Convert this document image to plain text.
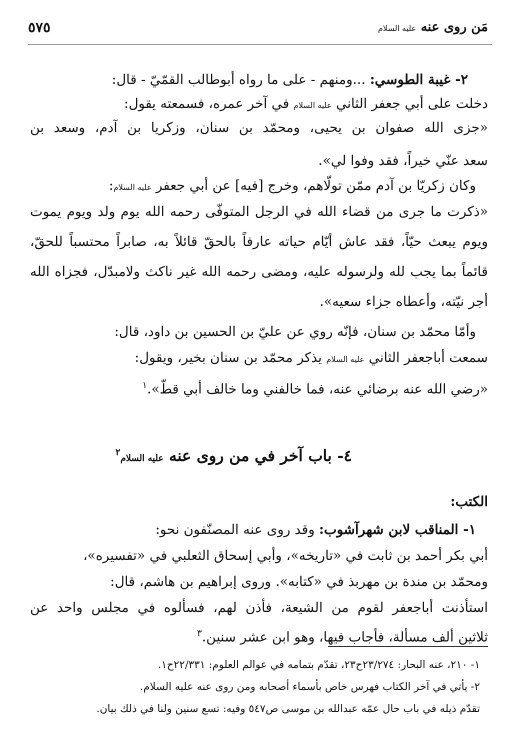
مَن روى عنه عليه السلام
٥٧٥
٢- غيبة الطوسي: ...ومنهم - على ما رواه أبوطالب القمّيّ - قال:
دخلت على أبي جعفر الثاني عليه السلام في آخر عمره، فسمعته يقول:
«جزى الله صفوان بن يحيى، ومحمّد بن سنان، وزكريا بن آدم، وسعد بن
سعد عنّي خيراً، فقد وفوا لي».
وكان زكريّا بن آدم ممّن تولّاهم، وخرج [فيه] عن أبي جعفر عليه السلام:
«ذكرت ما جرى من قضاء الله في الرجل المتوفّى رحمه الله يوم ولد ويوم يموت
ويوم يبعث حيّاً، فقد عاش أيّام حياته عارفاً بالحقّ قائلاً به، صابراً محتسباً للحقّ،
قائماً بما يجب لله ولرسوله عليه، ومضى رحمه الله غير ناكث ولامبدّل، فجزاه الله
أجر نيّته، وأعطاه جزاء سعيه».
وأمّا محمّد بن سنان، فإنّه روي عن عليّ بن الحسين بن داود، قال:
سمعت أباجعفر الثاني عليه السلام يذكر محمّد بن سنان بخير، ويقول:
«رضي الله عنه برضائي عنه، فما خالفني وما خالف أبي قطّ».$^١$
٤- باب آخر في من روى عنه عليه السلام$^٢$
الكتب:
١- المناقب لابن شهرآشوب: وقد روى عنه المصنّفون نحو:
أبي بكر أحمد بن ثابت في «تاريخه»، وأبي إسحاق الثعلبي في «تفسيره»،
ومحمّد بن مندة بن مهربذ في «كتابه». وروى إبراهيم بن هاشم، قال:
استأذنت أباجعفر لقوم من الشيعة، فأذن لهم، فسألوه في مجلس واحد عن
ثلاثين ألف مسألة، فأجاب فيها، وهو ابن عشر سنين.$^٣$
١- ٢١٠، عنه البحار: ٢٣/٢٧٤ح٢٣، تقدّم بتمامه في عوالم العلوم: ٢٢/٣٣١ح١.
٢- يأتي في آخر الكتاب فهرس خاص بأسماء أصحابه ومن روى عنه عليه السلام.
تقدّم ذيله في باب حال عمّه عبدالله بن موسى ص٥٤٧ وفيه: تسع سنين ولنا في ذلك بيان.
